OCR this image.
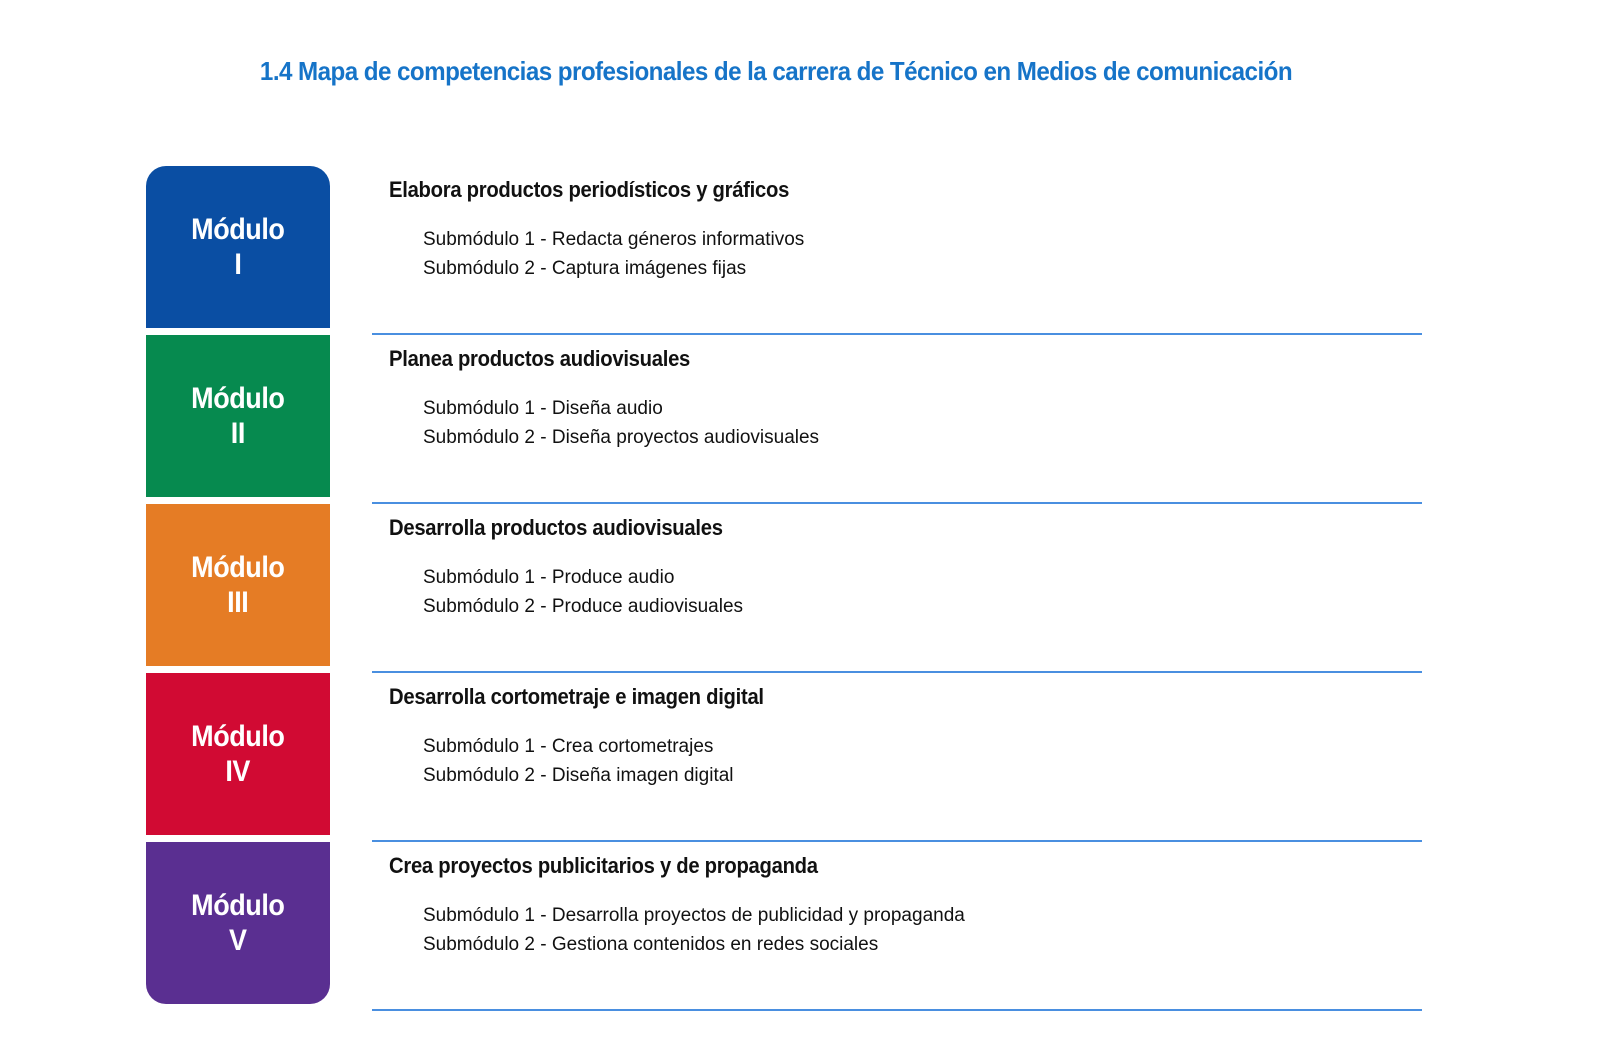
1.4 Mapa de competencias profesionales de la carrera de Técnico en Medios de comunicación
Módulo
I
Elabora productos periodísticos y gráficos
Submódulo 1 - Redacta géneros informativos
Submódulo 2 - Captura imágenes fijas
Módulo
II
Planea productos audiovisuales
Submódulo 1 - Diseña audio
Submódulo 2 - Diseña proyectos audiovisuales
Módulo
III
Desarrolla productos audiovisuales
Submódulo 1 - Produce audio
Submódulo 2 - Produce audiovisuales
Módulo
IV
Desarrolla cortometraje e imagen digital
Submódulo 1 - Crea cortometrajes
Submódulo 2 - Diseña imagen digital
Módulo
V
Crea proyectos publicitarios y de propaganda
Submódulo 1 - Desarrolla proyectos de publicidad y propaganda
Submódulo 2 - Gestiona contenidos en redes sociales
